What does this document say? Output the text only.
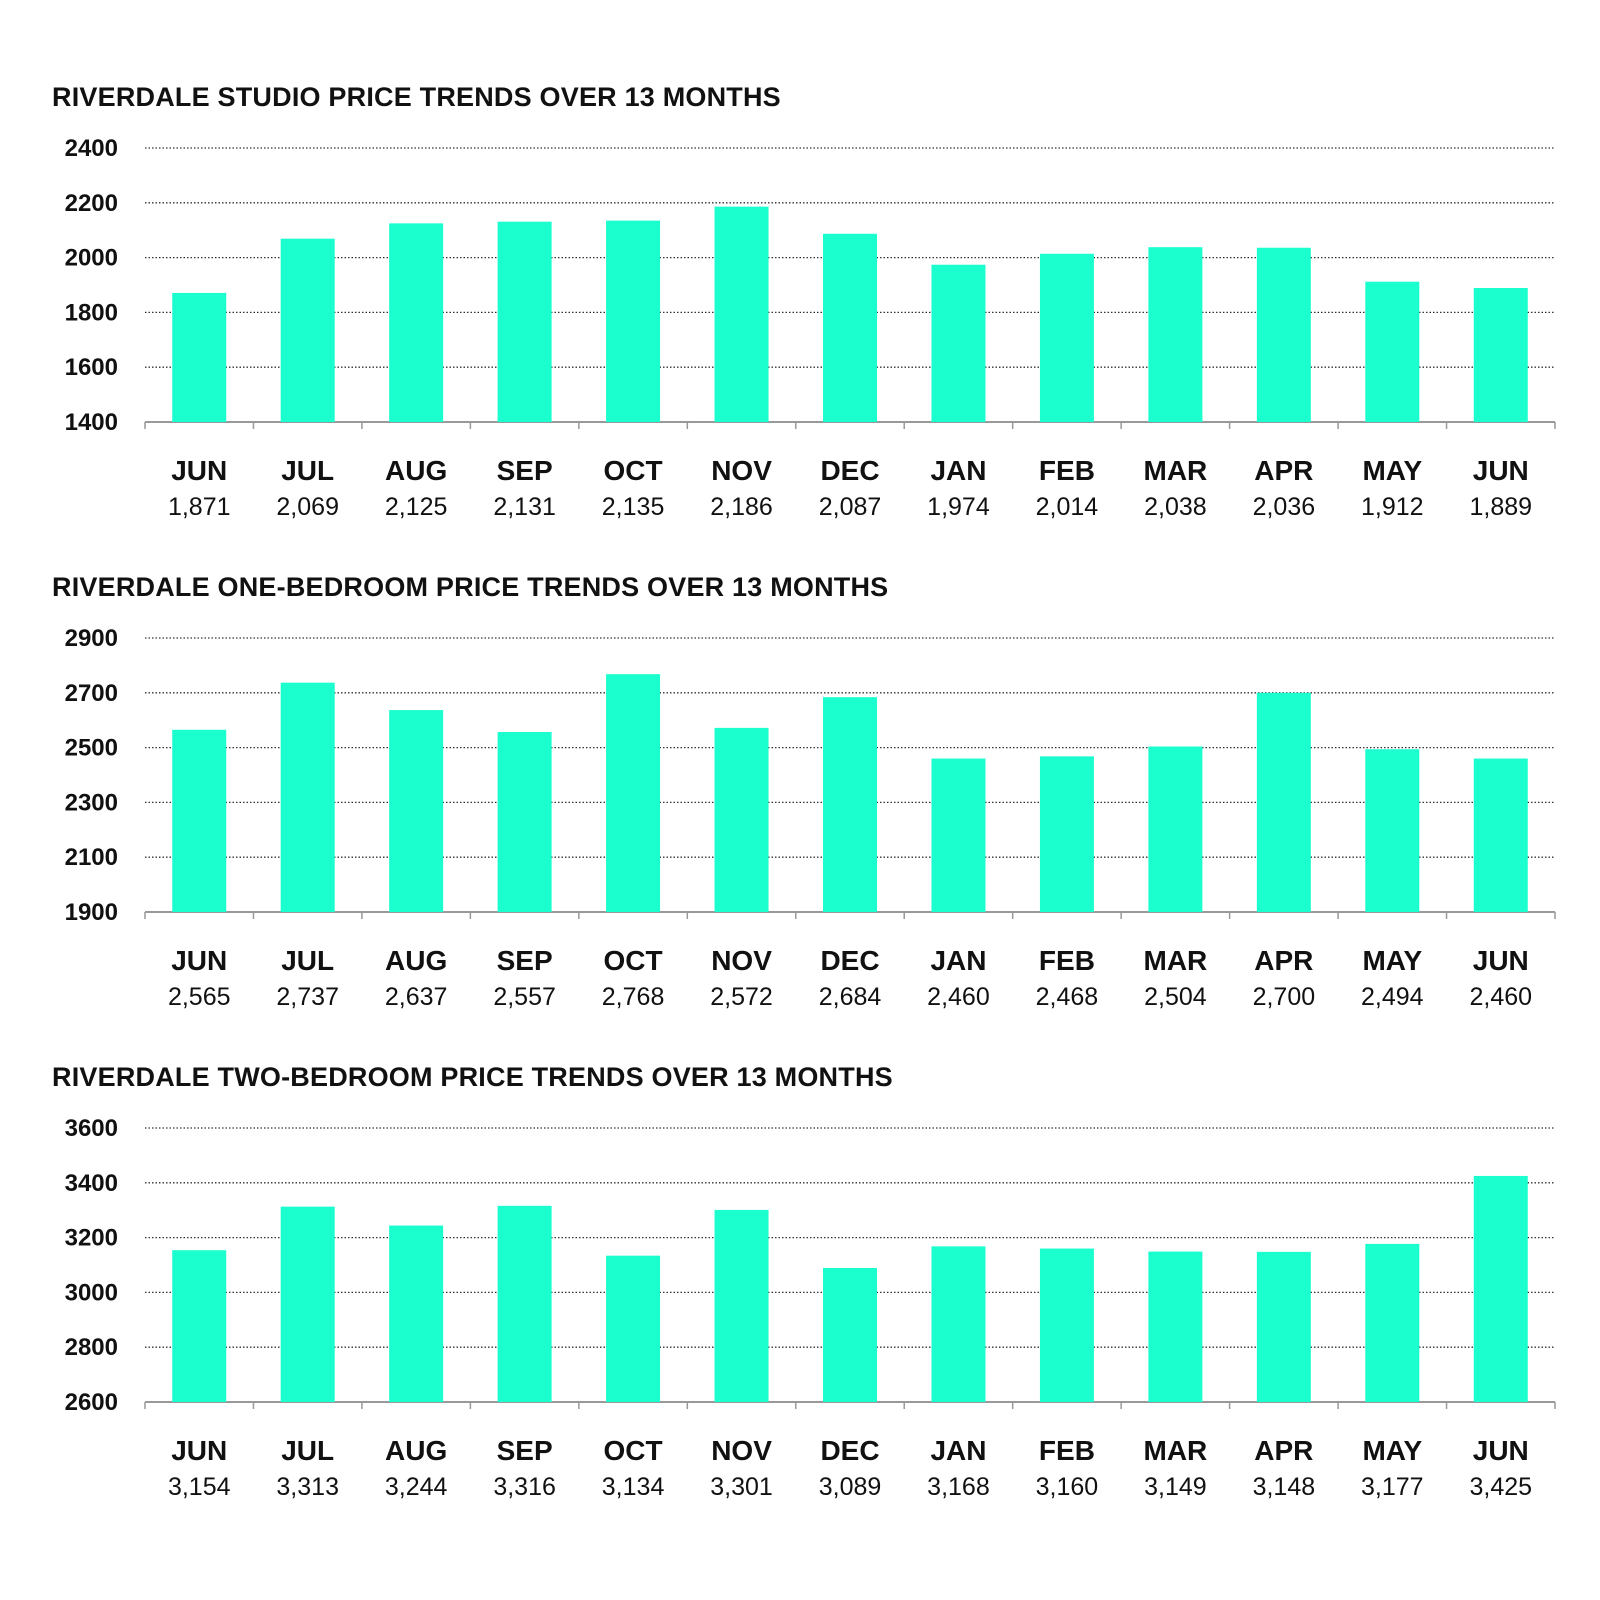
RIVERDALE STUDIO PRICE TRENDS OVER 13 MONTHS
1400
1600
1800
2000
2200
2400
JUN
1,871
JUL
2,069
AUG
2,125
SEP
2,131
OCT
2,135
NOV
2,186
DEC
2,087
JAN
1,974
FEB
2,014
MAR
2,038
APR
2,036
MAY
1,912
JUN
1,889
RIVERDALE ONE-BEDROOM PRICE TRENDS OVER 13 MONTHS
1900
2100
2300
2500
2700
2900
JUN
2,565
JUL
2,737
AUG
2,637
SEP
2,557
OCT
2,768
NOV
2,572
DEC
2,684
JAN
2,460
FEB
2,468
MAR
2,504
APR
2,700
MAY
2,494
JUN
2,460
RIVERDALE TWO-BEDROOM PRICE TRENDS OVER 13 MONTHS
2600
2800
3000
3200
3400
3600
JUN
3,154
JUL
3,313
AUG
3,244
SEP
3,316
OCT
3,134
NOV
3,301
DEC
3,089
JAN
3,168
FEB
3,160
MAR
3,149
APR
3,148
MAY
3,177
JUN
3,425
